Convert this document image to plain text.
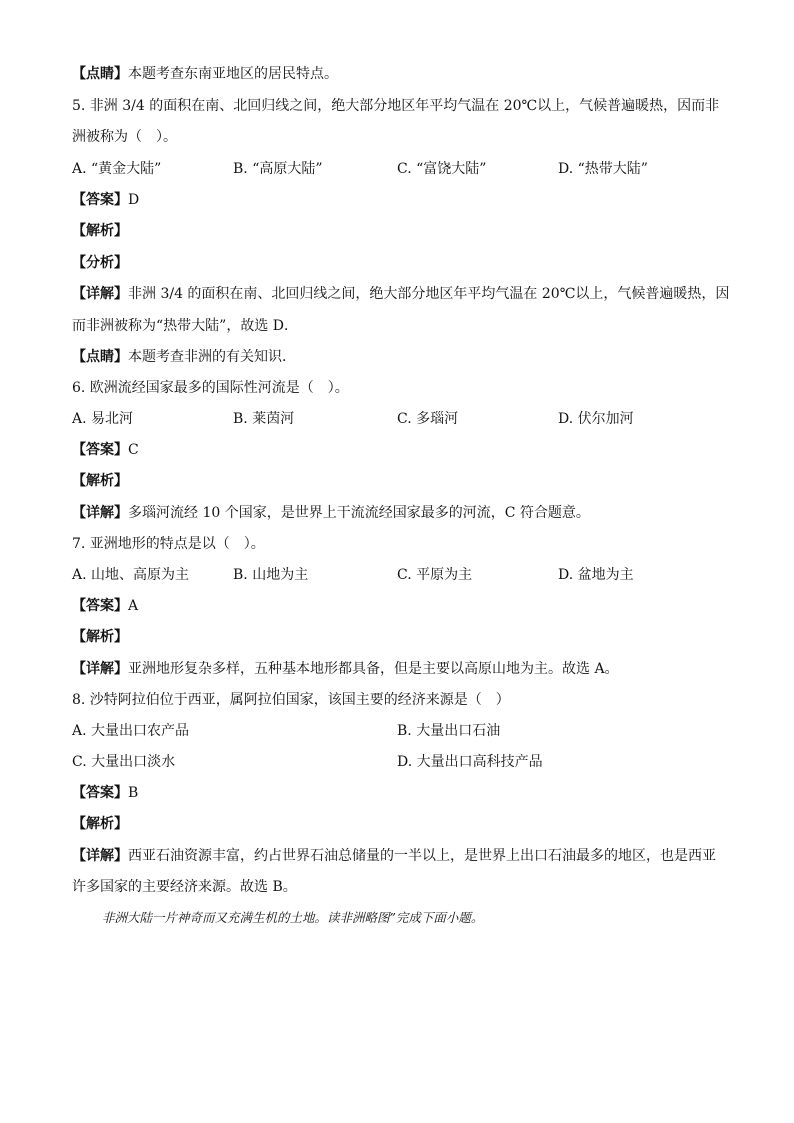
【点睛】本题考查东南亚地区的居民特点。
5. 非洲 3/4 的面积在南、北回归线之间，绝大部分地区年平均气温在 20℃以上，气候普遍暖热，因而非
洲被称为（　）。
A. “黄金大陆”	B. “高原大陆”	C. “富饶大陆”	D. “热带大陆”
【答案】D
【解析】
【分析】
【详解】非洲 3/4 的面积在南、北回归线之间，绝大部分地区年平均气温在 20℃以上，气候普遍暖热，因
而非洲被称为“热带大陆”，故选 D．
【点睛】本题考查非洲的有关知识．
6. 欧洲流经国家最多的国际性河流是（　）。
A. 易北河	B. 莱茵河	C. 多瑙河	D. 伏尔加河
【答案】C
【解析】
【详解】多瑙河流经 10 个国家，是世界上干流流经国家最多的河流，C 符合题意。
7. 亚洲地形的特点是以（　）。
A. 山地、高原为主	B. 山地为主	C. 平原为主	D. 盆地为主
【答案】A
【解析】
【详解】亚洲地形复杂多样，五种基本地形都具备，但是主要以高原山地为主。故选 A。
8. 沙特阿拉伯位于西亚，属阿拉伯国家，该国主要的经济来源是（　）
A. 大量出口农产品	B. 大量出口石油
C. 大量出口淡水	D. 大量出口高科技产品
【答案】B
【解析】
【详解】西亚石油资源丰富，约占世界石油总储量的一半以上，是世界上出口石油最多的地区，也是西亚
许多国家的主要经济来源。故选 B。
非洲大陆一片神奇而又充满生机的土地。读非洲略图”完成下面小题。
